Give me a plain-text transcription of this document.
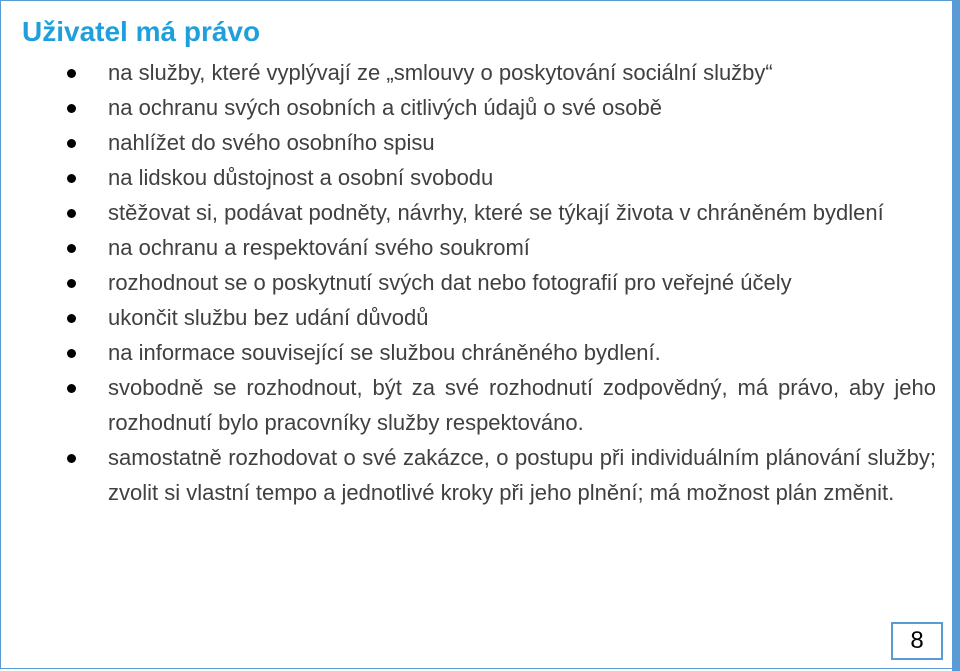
Uživatel má právo
na služby, které vyplývají ze „smlouvy o poskytování sociální služby“
na ochranu svých osobních a citlivých údajů o své osobě
nahlížet do svého osobního spisu
na lidskou důstojnost a osobní svobodu
stěžovat si, podávat podněty, návrhy, které se týkají života v chráněném bydlení
na ochranu a respektování svého soukromí
rozhodnout se o poskytnutí svých dat nebo fotografií pro veřejné účely
ukončit službu bez udání důvodů
na informace související se službou chráněného bydlení.
svobodně se rozhodnout, být za své rozhodnutí zodpovědný, má právo, aby jeho rozhodnutí bylo pracovníky služby respektováno.
samostatně rozhodovat o své zakázce, o postupu při individuálním plánování služby; zvolit si vlastní tempo a jednotlivé kroky při jeho plnění; má možnost plán změnit.
8
